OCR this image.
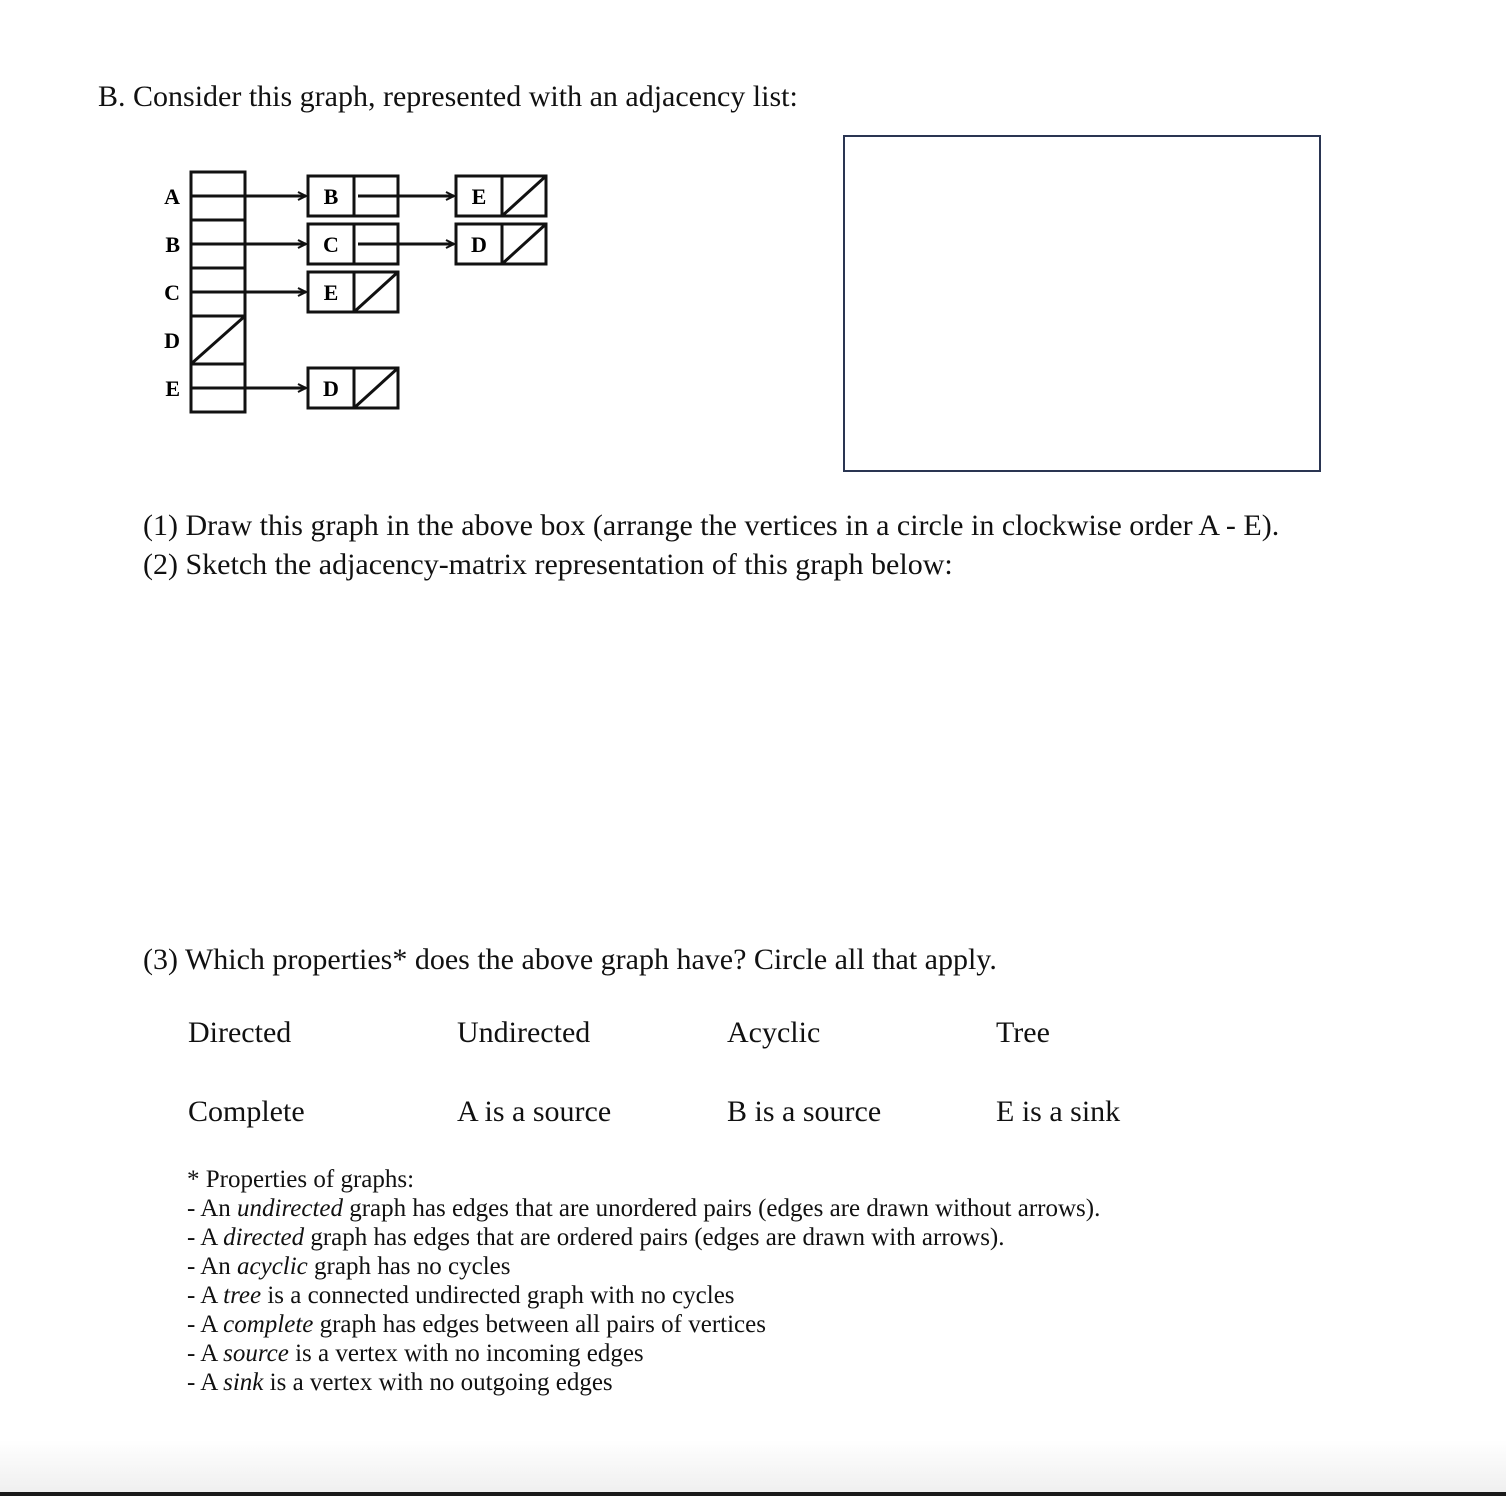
B. Consider this graph, represented with an adjacency list:
A	B	E
B	C	D
C	E
D
E	D
(1) Draw this graph in the above box (arrange the vertices in a circle in clockwise order A - E).
(2) Sketch the adjacency-matrix representation of this graph below:
(3) Which properties* does the above graph have? Circle all that apply.
Directed	Undirected	Acyclic	Tree
Complete	A is a source	B is a source	E is a sink
* Properties of graphs:
- An undirected graph has edges that are unordered pairs (edges are drawn without arrows).
- A directed graph has edges that are ordered pairs (edges are drawn with arrows).
- An acyclic graph has no cycles
- A tree is a connected undirected graph with no cycles
- A complete graph has edges between all pairs of vertices
- A source is a vertex with no incoming edges
- A sink is a vertex with no outgoing edges
